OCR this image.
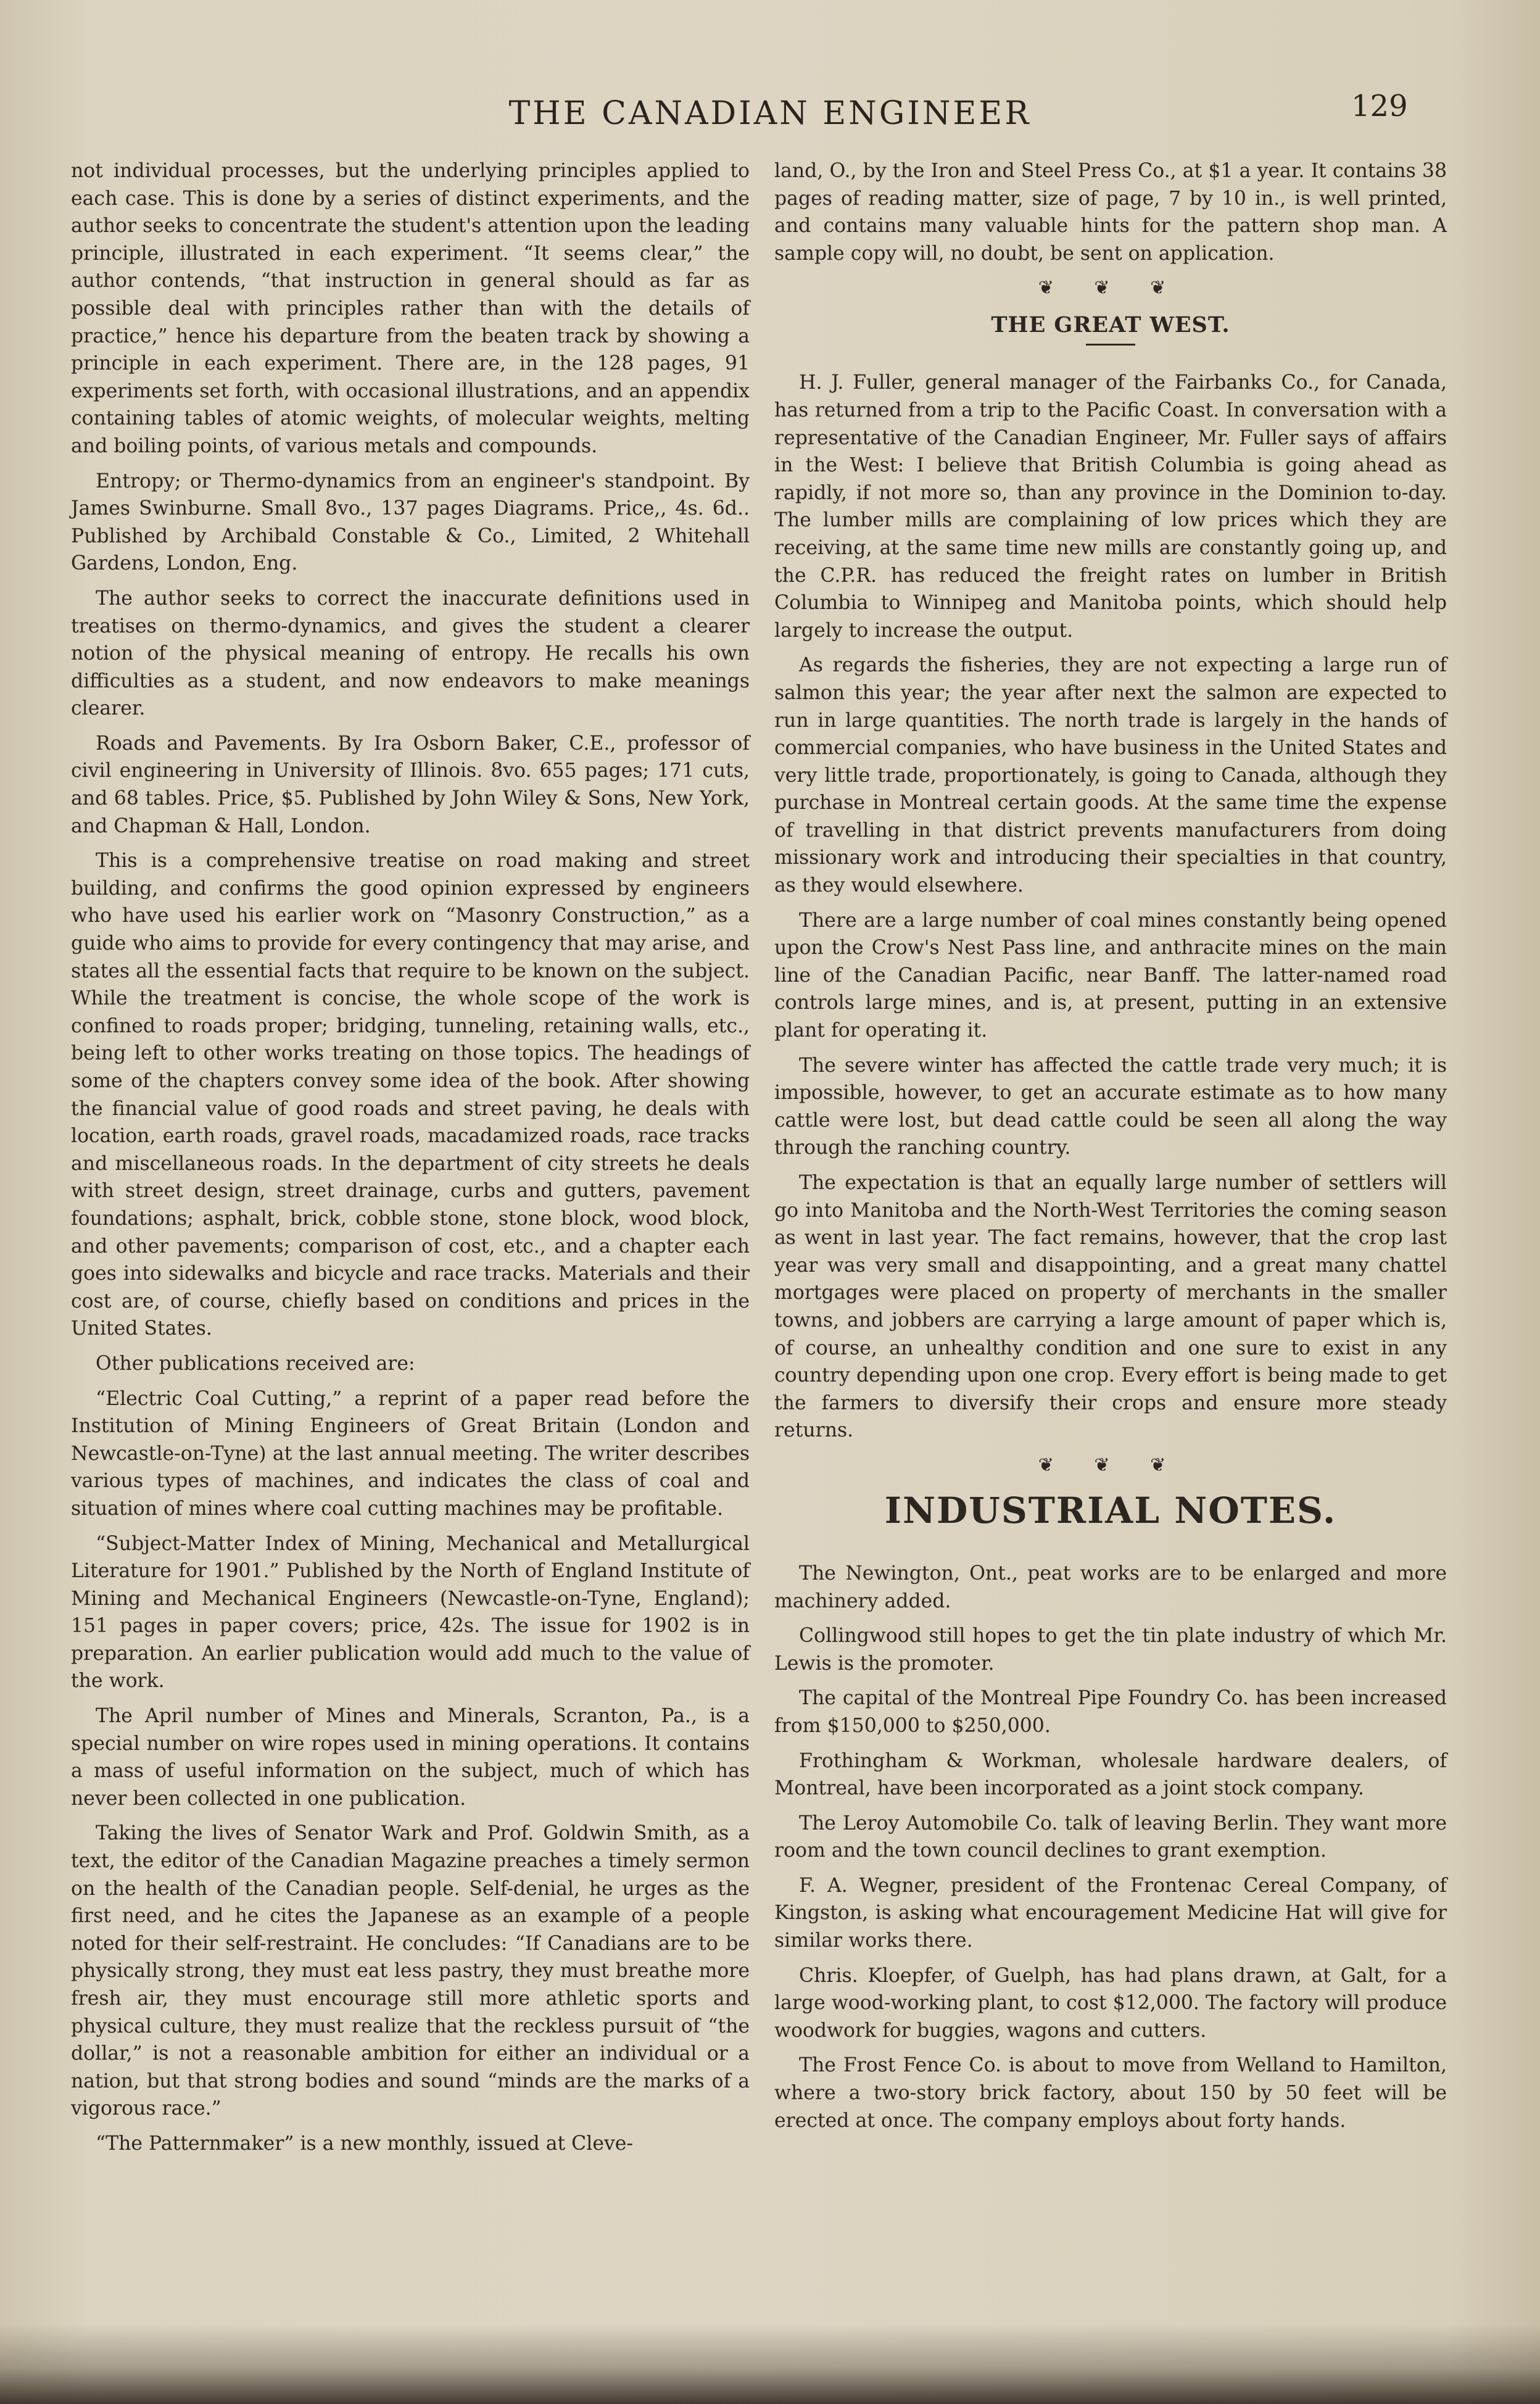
THE CANADIAN ENGINEER	129

not individual processes, but the underlying principles applied to each case. This is done by a series of distinct experiments, and the author seeks to concentrate the student's attention upon the leading principle, illustrated in each experiment. “It seems clear,” the author contends, “that instruction in general should as far as possible deal with principles rather than with the details of practice,” hence his departure from the beaten track by showing a principle in each experiment. There are, in the 128 pages, 91 experiments set forth, with occasional illustrations, and an appendix containing tables of atomic weights, of molecular weights, melting and boiling points, of various metals and compounds.

Entropy; or Thermo-dynamics from an engineer's standpoint. By James Swinburne. Small 8vo., 137 pages Diagrams. Price,, 4s. 6d.. Published by Archibald Constable & Co., Limited, 2 Whitehall Gardens, London, Eng.

The author seeks to correct the inaccurate definitions used in treatises on thermo-dynamics, and gives the student a clearer notion of the physical meaning of entropy. He recalls his own difficulties as a student, and now endeavors to make meanings clearer.

Roads and Pavements. By Ira Osborn Baker, C.E., professor of civil engineering in University of Illinois. 8vo. 655 pages; 171 cuts, and 68 tables. Price, $5. Published by John Wiley & Sons, New York, and Chapman & Hall, London.

This is a comprehensive treatise on road making and street building, and confirms the good opinion expressed by engineers who have used his earlier work on “Masonry Construction,” as a guide who aims to provide for every contingency that may arise, and states all the essential facts that require to be known on the subject. While the treatment is concise, the whole scope of the work is confined to roads proper; bridging, tunneling, retaining walls, etc., being left to other works treating on those topics. The headings of some of the chapters convey some idea of the book. After showing the financial value of good roads and street paving, he deals with location, earth roads, gravel roads, macadamized roads, race tracks and miscellaneous roads. In the department of city streets he deals with street design, street drainage, curbs and gutters, pavement foundations; asphalt, brick, cobble stone, stone block, wood block, and other pavements; comparison of cost, etc., and a chapter each goes into sidewalks and bicycle and race tracks. Materials and their cost are, of course, chiefly based on conditions and prices in the United States.

Other publications received are:

“Electric Coal Cutting,” a reprint of a paper read before the Institution of Mining Engineers of Great Britain (London and Newcastle-on-Tyne) at the last annual meeting. The writer describes various types of machines, and indicates the class of coal and situation of mines where coal cutting machines may be profitable.

“Subject-Matter Index of Mining, Mechanical and Metallurgical Literature for 1901.” Published by the North of England Institute of Mining and Mechanical Engineers (Newcastle-on-Tyne, England); 151 pages in paper covers; price, 42s. The issue for 1902 is in preparation. An earlier publication would add much to the value of the work.

The April number of Mines and Minerals, Scranton, Pa., is a special number on wire ropes used in mining operations. It contains a mass of useful information on the subject, much of which has never been collected in one publication.

Taking the lives of Senator Wark and Prof. Goldwin Smith, as a text, the editor of the Canadian Magazine preaches a timely sermon on the health of the Canadian people. Self-denial, he urges as the first need, and he cites the Japanese as an example of a people noted for their self-restraint. He concludes: “If Canadians are to be physically strong, they must eat less pastry, they must breathe more fresh air, they must encourage still more athletic sports and physical culture, they must realize that the reckless pursuit of “the dollar,” is not a reasonable ambition for either an individual or a nation, but that strong bodies and sound “minds are the marks of a vigorous race.”

“The Patternmaker” is a new monthly, issued at Cleve-

land, O., by the Iron and Steel Press Co., at $1 a year. It contains 38 pages of reading matter, size of page, 7 by 10 in., is well printed, and contains many valuable hints for the pattern shop man. A sample copy will, no doubt, be sent on application.

❦ ❦ ❦
THE GREAT WEST.

H. J. Fuller, general manager of the Fairbanks Co., for Canada, has returned from a trip to the Pacific Coast. In conversation with a representative of the Canadian Engineer, Mr. Fuller says of affairs in the West: I believe that British Columbia is going ahead as rapidly, if not more so, than any province in the Dominion to-day. The lumber mills are complaining of low prices which they are receiving, at the same time new mills are constantly going up, and the C.P.R. has reduced the freight rates on lumber in British Columbia to Winnipeg and Manitoba points, which should help largely to increase the output.

As regards the fisheries, they are not expecting a large run of salmon this year; the year after next the salmon are expected to run in large quantities. The north trade is largely in the hands of commercial companies, who have business in the United States and very little trade, proportionately, is going to Canada, although they purchase in Montreal certain goods. At the same time the expense of travelling in that district prevents manufacturers from doing missionary work and introducing their specialties in that country, as they would elsewhere.

There are a large number of coal mines constantly being opened upon the Crow's Nest Pass line, and anthracite mines on the main line of the Canadian Pacific, near Banff. The latter-named road controls large mines, and is, at present, putting in an extensive plant for operating it.

The severe winter has affected the cattle trade very much; it is impossible, however, to get an accurate estimate as to how many cattle were lost, but dead cattle could be seen all along the way through the ranching country.

The expectation is that an equally large number of settlers will go into Manitoba and the North-West Territories the coming season as went in last year. The fact remains, however, that the crop last year was very small and disappointing, and a great many chattel mortgages were placed on property of merchants in the smaller towns, and jobbers are carrying a large amount of paper which is, of course, an unhealthy condition and one sure to exist in any country depending upon one crop. Every effort is being made to get the farmers to diversify their crops and ensure more steady returns.

❦ ❦ ❦
INDUSTRIAL NOTES.

The Newington, Ont., peat works are to be enlarged and more machinery added.

Collingwood still hopes to get the tin plate industry of which Mr. Lewis is the promoter.

The capital of the Montreal Pipe Foundry Co. has been increased from $150,000 to $250,000.

Frothingham & Workman, wholesale hardware dealers, of Montreal, have been incorporated as a joint stock company.

The Leroy Automobile Co. talk of leaving Berlin. They want more room and the town council declines to grant exemption.

F. A. Wegner, president of the Frontenac Cereal Company, of Kingston, is asking what encouragement Medicine Hat will give for similar works there.

Chris. Kloepfer, of Guelph, has had plans drawn, at Galt, for a large wood-working plant, to cost $12,000. The factory will produce woodwork for buggies, wagons and cutters.

The Frost Fence Co. is about to move from Welland to Hamilton, where a two-story brick factory, about 150 by 50 feet will be erected at once. The company employs about forty hands.
